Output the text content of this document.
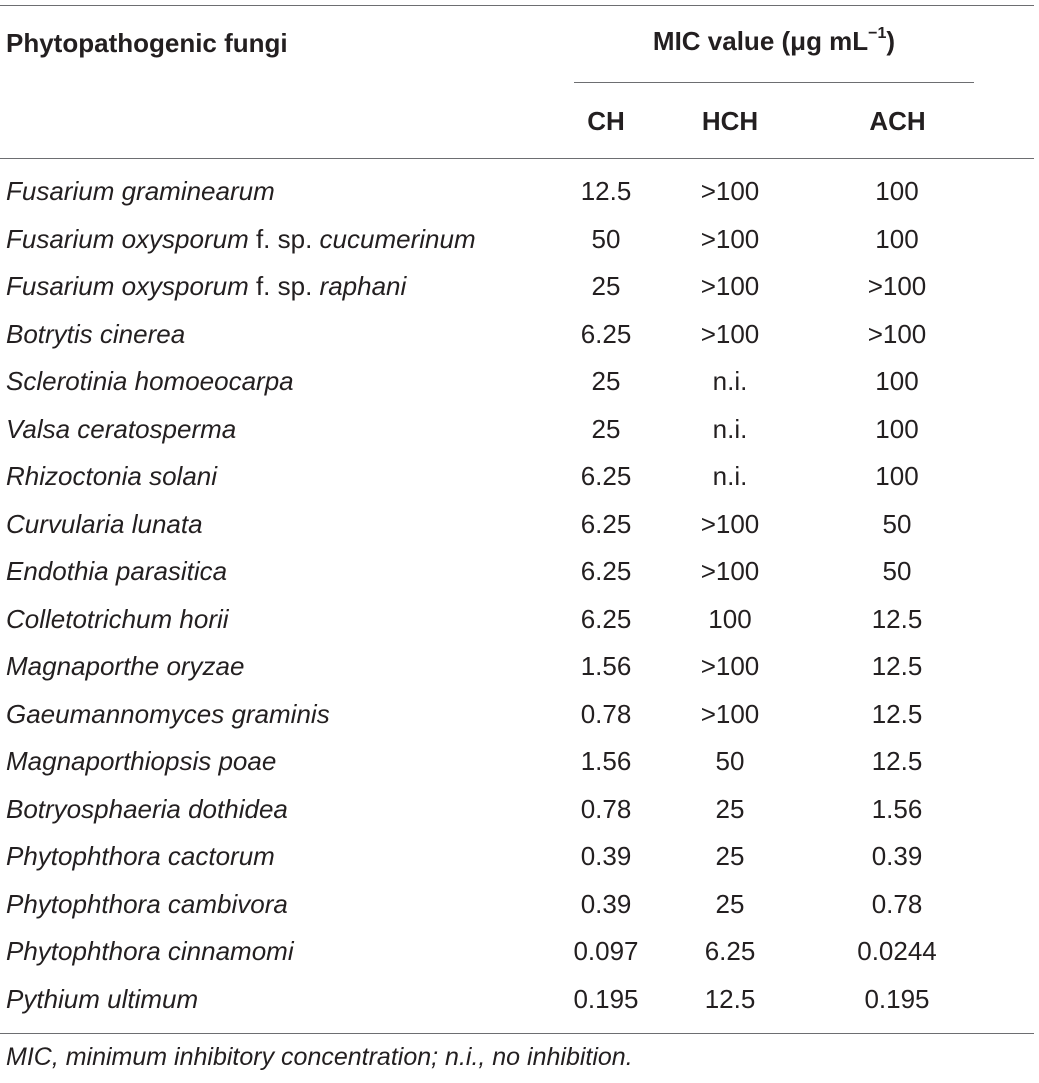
Phytopathogenic fungi	MIC value (μg $mL^{-1}$)
CH	HCH	ACH
Fusarium graminearum	12.5	>100	100
Fusarium oxysporum f. sp. cucumerinum	50	>100	100
Fusarium oxysporum f. sp. raphani	25	>100	>100
Botrytis cinerea	6.25	>100	>100
Sclerotinia homoeocarpa	25	n.i.	100
Valsa ceratosperma	25	n.i.	100
Rhizoctonia solani	6.25	n.i.	100
Curvularia lunata	6.25	>100	50
Endothia parasitica	6.25	>100	50
Colletotrichum horii	6.25	100	12.5
Magnaporthe oryzae	1.56	>100	12.5
Gaeumannomyces graminis	0.78	>100	12.5
Magnaporthiopsis poae	1.56	50	12.5
Botryosphaeria dothidea	0.78	25	1.56
Phytophthora cactorum	0.39	25	0.39
Phytophthora cambivora	0.39	25	0.78
Phytophthora cinnamomi	0.097	6.25	0.0244
Pythium ultimum	0.195	12.5	0.195
MIC, minimum inhibitory concentration; n.i., no inhibition.
